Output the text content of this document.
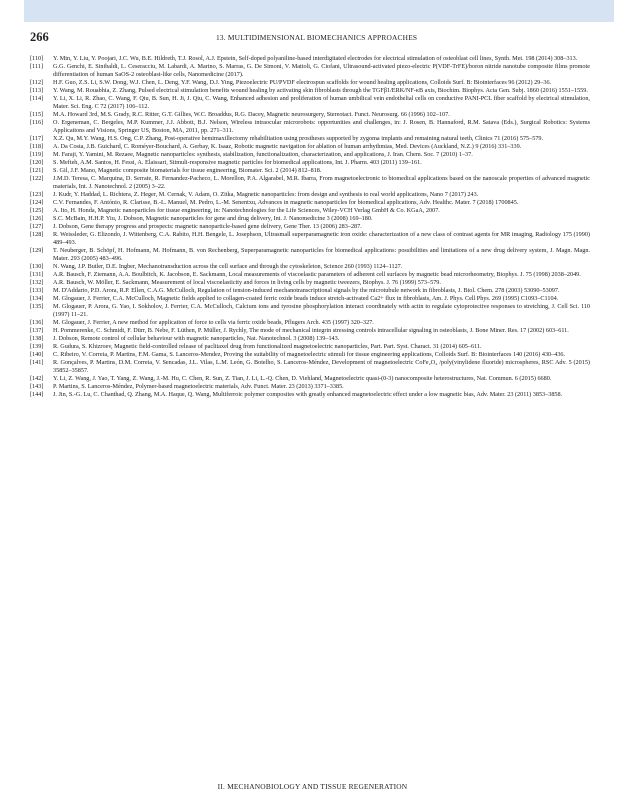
266	13. MULTIDIMENSIONAL BIOMECHANICS APPROACHES
[110]	Y. Min, Y. Liu, Y. Poojari, J.C. Wu, B.E. Hildreth, T.J. Rosol, A.J. Epstein, Self-doped polyaniline-based interdigitated electrodes for electrical stimulation of osteoblast cell lines, Synth. Met. 198 (2014) 308–313.
[111]	G.G. Genchi, E. Sinibaldi, L. Ceseracciu, M. Labardi, A. Marino, S. Marras, G. De Simoni, V. Mattoli, G. Ciofani, Ultrasound-activated piezo-electric P(VDF-TrFE)/boron nitride nanotube composite films promote differentiation of human SaOS-2 osteoblast-like cells, Nanomedicine (2017).
[112]	H.F. Guo, Z.S. Li, S.W. Dong, W.J. Chen, L. Deng, Y.F. Wang, D.J. Ying, Piezoelectric PU/PVDF electrospun scaffolds for wound healing applications, Colloids Surf. B: Biointerfaces 96 (2012) 29–36.
[113]	Y. Wang, M. Rouabhia, Z. Zhang, Pulsed electrical stimulation benefits wound healing by activating skin fibroblasts through the TGFβ1/ERK/NF-κB axis, Biochim. Biophys. Acta Gen. Subj. 1860 (2016) 1551–1559.
[114]	Y. Li, X. Li, R. Zhao, C. Wang, F. Qiu, B. Sun, H. Ji, J. Qiu, C. Wang, Enhanced adhesion and proliferation of human umbilical vein endothelial cells on conductive PANI-PCL fiber scaffold by electrical stimulation, Mater. Sci. Eng. C 72 (2017) 106–112.
[115]	M.A. Howard 3rd, M.S. Grady, R.C. Ritter, G.T. Gillies, W.C. Broaddus, R.G. Dacey, Magnetic neurosurgery, Stereotact. Funct. Neurosurg. 66 (1996) 102–107.
[116]	O. Ergeneman, C. Bergeles, M.P. Kummer, J.J. Abbott, B.J. Nelson, Wireless intraocular microrobots: opportunities and challenges, in: J. Rosen, B. Hannaford, R.M. Satava (Eds.), Surgical Robotics: Systems Applications and Visions, Springer US, Boston, MA, 2011, pp. 271–311.
[117]	X.Z. Qu, M.Y. Wang, H.S. Ong, C.P. Zhang, Post-operative hemimaxillectomy rehabilitation using prostheses supported by zygoma implants and remaining natural teeth, Clinics 71 (2016) 575–579.
[118]	A. Da Costa, J.B. Guichard, C. Roméyer-Bouchard, A. Gerbay, K. Isaaz, Robotic magnetic navigation for ablation of human arrhythmias, Med. Devices (Auckland, N.Z.) 9 (2016) 331–339.
[119]	M. Faraji, Y. Yamini, M. Rezaee, Magnetic nanoparticles: synthesis, stabilization, functionalization, characterization, and applications, J. Iran. Chem. Soc. 7 (2010) 1–37.
[120]	S. Mefteh, A.M. Santos, H. Fessi, A. Elaissari, Stimuli-responsive magnetic particles for biomedical applications, Int. J. Pharm. 403 (2011) 139–161.
[121]	S. Gil, J.F. Mano, Magnetic composite biomaterials for tissue engineering, Biomater. Sci. 2 (2014) 812–818.
[122]	J.M.D. Teresa, C. Marquina, D. Serrate, R. Fernandez-Pacheco, L. Morellon, P.A. Algarabel, M.R. Ibarra, From magnetoelectronic to biomedical applications based on the nanoscale properties of advanced magnetic materials, Int. J. Nanotechnol. 2 (2005) 3–22.
[123]	J. Kudr, Y. Haddad, L. Richtera, Z. Heger, M. Cernak, V. Adam, O. Zitka, Magnetic nanoparticles: from design and synthesis to real world applications, Nano 7 (2017) 243.
[124]	C.V. Fernandes, F. António, R. Clarisse, B.-L. Manuel, M. Pedro, L.-M. Senentxu, Advances in magnetic nanoparticles for biomedical applications, Adv. Healthc. Mater. 7 (2018) 1700845.
[125]	A. Ito, H. Honda, Magnetic nanoparticles for tissue engineering, in: Nanotechnologies for the Life Sciences, Wiley-VCH Verlag GmbH & Co. KGaA, 2007.
[126]	S.C. McBain, H.H.P. Yiu, J. Dobson, Magnetic nanoparticles for gene and drug delivery, Int. J. Nanomedicine 3 (2008) 169–180.
[127]	J. Dobson, Gene therapy progress and prospects: magnetic nanoparticle-based gene delivery, Gene Ther. 13 (2006) 283–287.
[128]	R. Weissleder, G. Elizondo, J. Wittenberg, C.A. Rabito, H.H. Bengele, L. Josephson, Ultrasmall superparamagnetic iron oxide: characterization of a new class of contrast agents for MR imaging, Radiology 175 (1990) 489–493.
[129]	T. Neuberger, B. Schöpf, H. Hofmann, M. Hofmann, B. von Rechenberg, Superparamagnetic nanoparticles for biomedical applications: possibilities and limitations of a new drug delivery system, J. Magn. Magn. Mater. 293 (2005) 483–496.
[130]	N. Wang, J.P. Butler, D.E. Ingber, Mechanotransduction across the cell surface and through the cytoskeleton, Science 260 (1993) 1124–1127.
[131]	A.R. Bausch, F. Ziemann, A.A. Boulbitch, K. Jacobson, E. Sackmann, Local measurements of viscoelastic parameters of adherent cell surfaces by magnetic bead microrheometry, Biophys. J. 75 (1998) 2038–2049.
[132]	A.R. Bausch, W. Möller, E. Sackmann, Measurement of local viscoelasticity and forces in living cells by magnetic tweezers, Biophys. J. 76 (1999) 573–579.
[133]	M. D'Addario, P.D. Arora, R.P. Ellen, C.A.G. McCulloch, Regulation of tension-induced mechanotranscriptional signals by the microtubule network in fibroblasts, J. Biol. Chem. 278 (2003) 53090–53097.
[134]	M. Glogauer, J. Ferrier, C.A. McCulloch, Magnetic fields applied to collagen-coated ferric oxide beads induce stretch-activated Ca2+ flux in fibroblasts, Am. J. Phys. Cell Phys. 269 (1995) C1093–C1104.
[135]	M. Glogauer, P. Arora, G. Yao, I. Sokholov, J. Ferrier, C.A. McCulloch, Calcium ions and tyrosine phosphorylation interact coordinately with actin to regulate cytoprotective responses to stretching, J. Cell Sci. 110 (1997) 11–21.
[136]	M. Glogauer, J. Ferrier, A new method for application of force to cells via ferric oxide beads, Pflugers Arch. 435 (1997) 320–327.
[137]	H. Pommerenke, C. Schmidt, F. Dürr, B. Nebe, F. Lüthen, P. Müller, J. Rychly, The mode of mechanical integrin stressing controls intracellular signaling in osteoblasts, J. Bone Miner. Res. 17 (2002) 603–611.
[138]	J. Dobson, Remote control of cellular behaviour with magnetic nanoparticles, Nat. Nanotechnol. 3 (2008) 139–143.
[139]	R. Gudura, S. Khizroev, Magnetic field-controlled release of paclitaxel drug from functionalized magnetoelectric nanoparticles, Part. Part. Syst. Charact. 31 (2014) 605–611.
[140]	C. Ribeiro, V. Correia, P. Martins, F.M. Gama, S. Lanceros-Mendez, Proving the suitability of magnetoelectric stimuli for tissue engineering applications, Colloids Surf. B: Biointerfaces 140 (2016) 430–436.
[141]	R. Gonçalves, P. Martins, D.M. Correia, V. Sencadas, J.L. Vilas, L.M. León, G. Botelho, S. Lanceros-Méndez, Development of magnetoelectric CoFe₂O₄ /poly(vinylidene fluoride) microspheres, RSC Adv. 5 (2015) 35852–35857.
[142]	Y. Li, Z. Wang, J. Yao, T. Yang, Z. Wang, J.-M. Hu, C. Chen, R. Sun, Z. Tian, J. Li, L.-Q. Chen, D. Viehland, Magnetoelectric quasi-(0-3) nanocomposite heterostructures, Nat. Commun. 6 (2015) 6680.
[143]	P. Martins, S. Lanceros-Méndez, Polymer-based magnetoelectric materials, Adv. Funct. Mater. 23 (2013) 3371–3385.
[144]	J. Jin, S.-G. Lu, C. Chanthad, Q. Zhang, M.A. Haque, Q. Wang, Multiferroic polymer composites with greatly enhanced magnetoelectric effect under a low magnetic bias, Adv. Mater. 23 (2011) 3853–3858.
II. MECHANOBIOLOGY AND TISSUE REGENERATION
